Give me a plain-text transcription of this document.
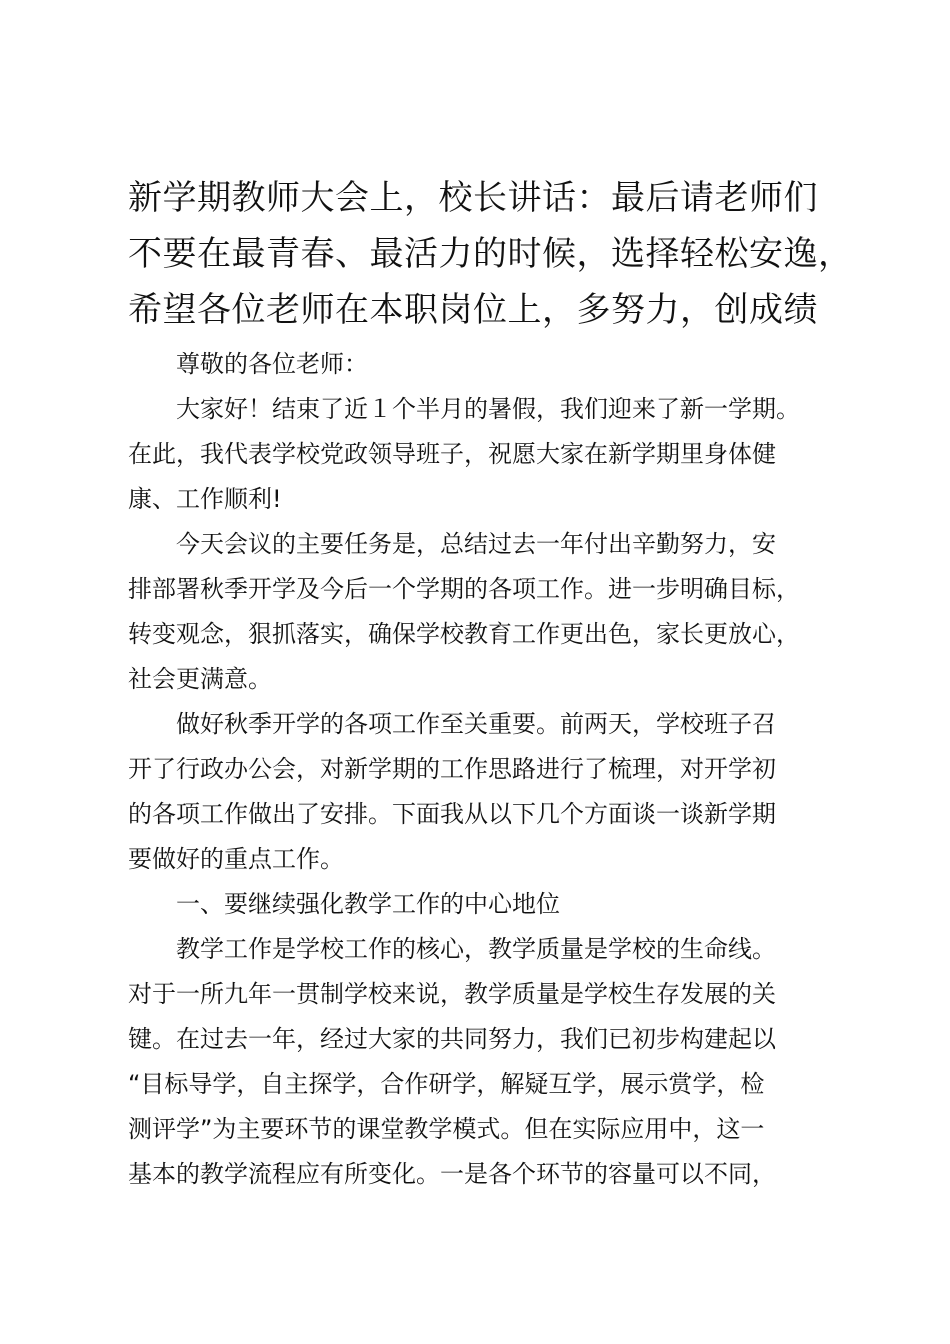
新学期教师大会上，校长讲话：最后请老师们
不要在最青春、最活力的时候，选择轻松安逸，
希望各位老师在本职岗位上，多努力，创成绩
尊敬的各位老师：
大家好！结束了近１个半月的暑假，我们迎来了新一学期。
在此，我代表学校党政领导班子，祝愿大家在新学期里身体健
康、工作顺利!
今天会议的主要任务是，总结过去一年付出辛勤努力，安
排部署秋季开学及今后一个学期的各项工作。进一步明确目标，
转变观念，狠抓落实，确保学校教育工作更出色，家长更放心，
社会更满意。
做好秋季开学的各项工作至关重要。前两天，学校班子召
开了行政办公会，对新学期的工作思路进行了梳理，对开学初
的各项工作做出了安排。下面我从以下几个方面谈一谈新学期
要做好的重点工作。
一、要继续强化教学工作的中心地位
教学工作是学校工作的核心，教学质量是学校的生命线。
对于一所九年一贯制学校来说，教学质量是学校生存发展的关
键。在过去一年，经过大家的共同努力，我们已初步构建起以
“目标导学，自主探学，合作研学，解疑互学，展示赏学，检
测评学”为主要环节的课堂教学模式。但在实际应用中，这一
基本的教学流程应有所变化。一是各个环节的容量可以不同，
